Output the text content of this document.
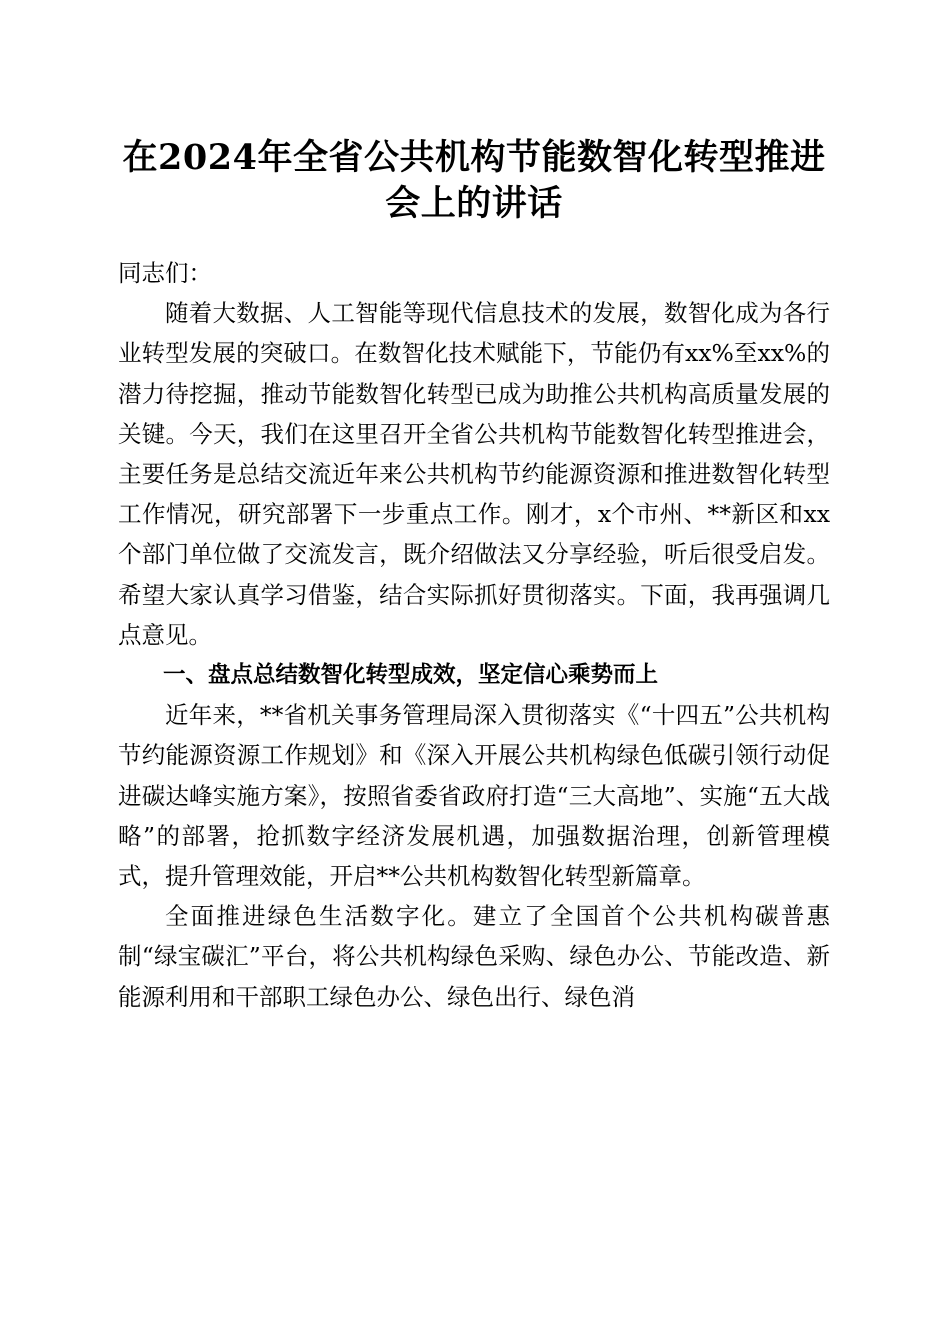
在2024年全省公共机构节能数智化转型推进
会上的讲话

同志们：

随着大数据、人工智能等现代信息技术的发展，数智化成为各行业转型发展的突破口。在数智化技术赋能下，节能仍有xx%至xx%的潜力待挖掘，推动节能数智化转型已成为助推公共机构高质量发展的关键。今天，我们在这里召开全省公共机构节能数智化转型推进会，主要任务是总结交流近年来公共机构节约能源资源和推进数智化转型工作情况，研究部署下一步重点工作。刚才，x个市州、**新区和xx个部门单位做了交流发言，既介绍做法又分享经验，听后很受启发。希望大家认真学习借鉴，结合实际抓好贯彻落实。下面，我再强调几点意见。

一、盘点总结数智化转型成效，坚定信心乘势而上

近年来，**省机关事务管理局深入贯彻落实《“十四五”公共机构节约能源资源工作规划》和《深入开展公共机构绿色低碳引领行动促进碳达峰实施方案》，按照省委省政府打造“三大高地”、实施“五大战略”的部署，抢抓数字经济发展机遇，加强数据治理，创新管理模式，提升管理效能，开启**公共机构数智化转型新篇章。

全面推进绿色生活数字化。建立了全国首个公共机构碳普惠制“绿宝碳汇”平台，将公共机构绿色采购、绿色办公、节能改造、新能源利用和干部职工绿色办公、绿色出行、绿色消
